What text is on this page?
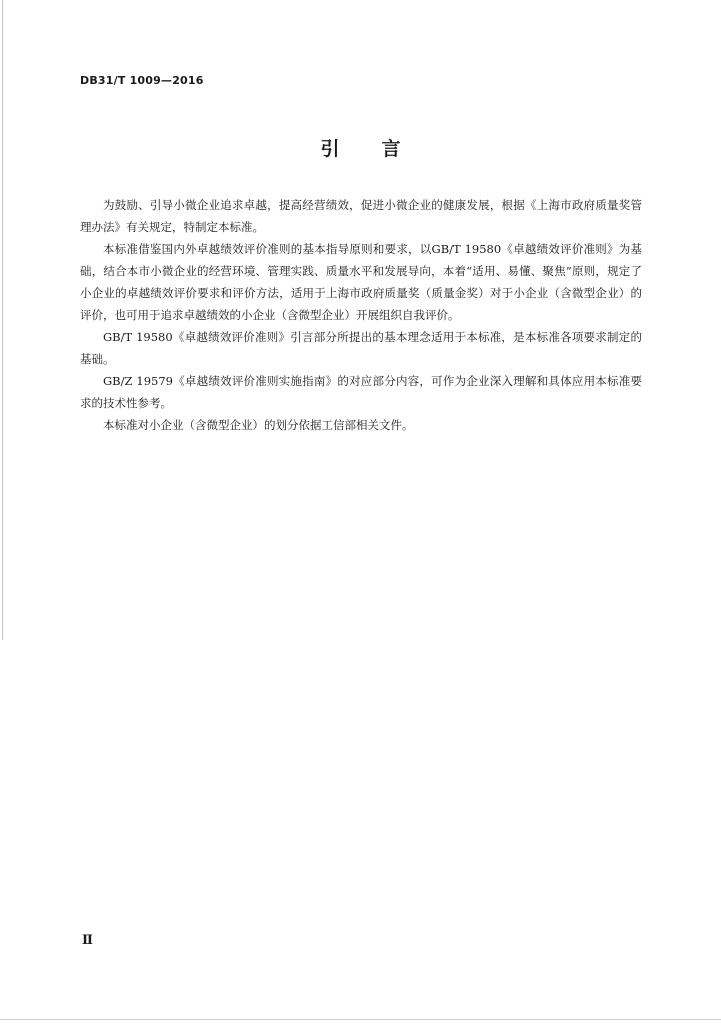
DB31/T 1009—2016
引言

为鼓励、引导小微企业追求卓越，提高经营绩效，促进小微企业的健康发展，根据《上海市政府质量奖管理办法》有关规定，特制定本标准。

本标准借鉴国内外卓越绩效评价准则的基本指导原则和要求，以GB/T 19580《卓越绩效评价准则》为基础，结合本市小微企业的经营环境、管理实践、质量水平和发展导向，本着“适用、易懂、聚焦”原则，规定了小企业的卓越绩效评价要求和评价方法，适用于上海市政府质量奖（质量金奖）对于小企业（含微型企业）的评价，也可用于追求卓越绩效的小企业（含微型企业）开展组织自我评价。

GB/T 19580《卓越绩效评价准则》引言部分所提出的基本理念适用于本标准，是本标准各项要求制定的基础。

GB/Z 19579《卓越绩效评价准则实施指南》的对应部分内容，可作为企业深入理解和具体应用本标准要求的技术性参考。

本标准对小企业（含微型企业）的划分依据工信部相关文件。

Ⅱ
